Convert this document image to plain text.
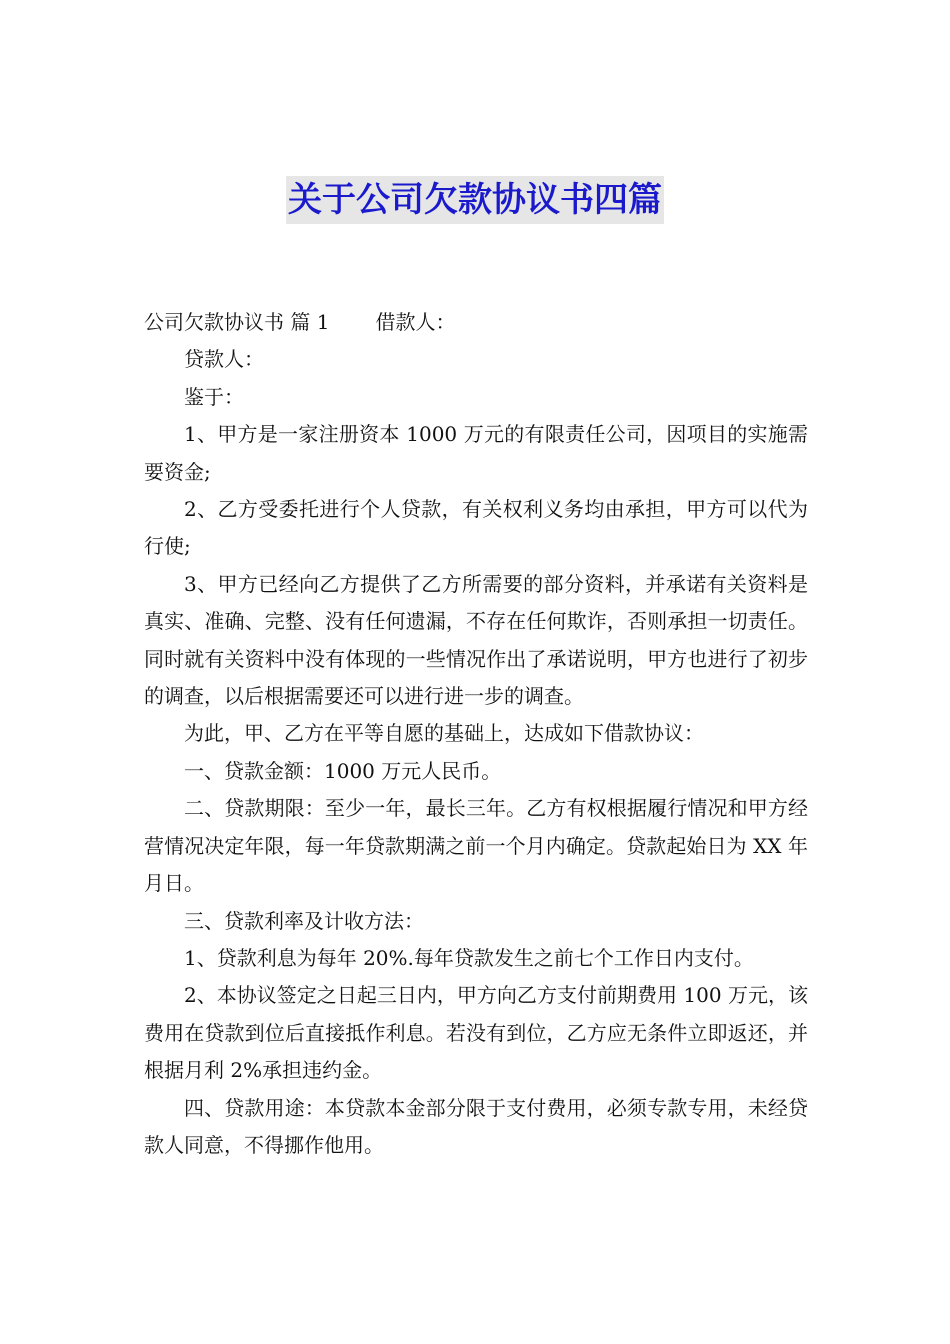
关于公司欠款协议书四篇

公司欠款协议书 篇 1 借款人：

贷款人：

鉴于：

1、甲方是一家注册资本 1000 万元的有限责任公司，因项目的实施需要资金;

2、乙方受委托进行个人贷款，有关权利义务均由承担，甲方可以代为行使;

3、甲方已经向乙方提供了乙方所需要的部分资料，并承诺有关资料是真实、准确、完整、没有任何遗漏，不存在任何欺诈，否则承担一切责任。同时就有关资料中没有体现的一些情况作出了承诺说明，甲方也进行了初步的调查，以后根据需要还可以进行进一步的调查。

为此，甲、乙方在平等自愿的基础上，达成如下借款协议：

一、贷款金额：1000 万元人民币。

二、贷款期限：至少一年，最长三年。乙方有权根据履行情况和甲方经营情况决定年限，每一年贷款期满之前一个月内确定。贷款起始日为 XX 年月日。

三、贷款利率及计收方法：

1、贷款利息为每年 20%.每年贷款发生之前七个工作日内支付。

2、本协议签定之日起三日内，甲方向乙方支付前期费用 100 万元，该费用在贷款到位后直接抵作利息。若没有到位，乙方应无条件立即返还，并根据月利 2%承担违约金。

四、贷款用途：本贷款本金部分限于支付费用，必须专款专用，未经贷款人同意，不得挪作他用。
